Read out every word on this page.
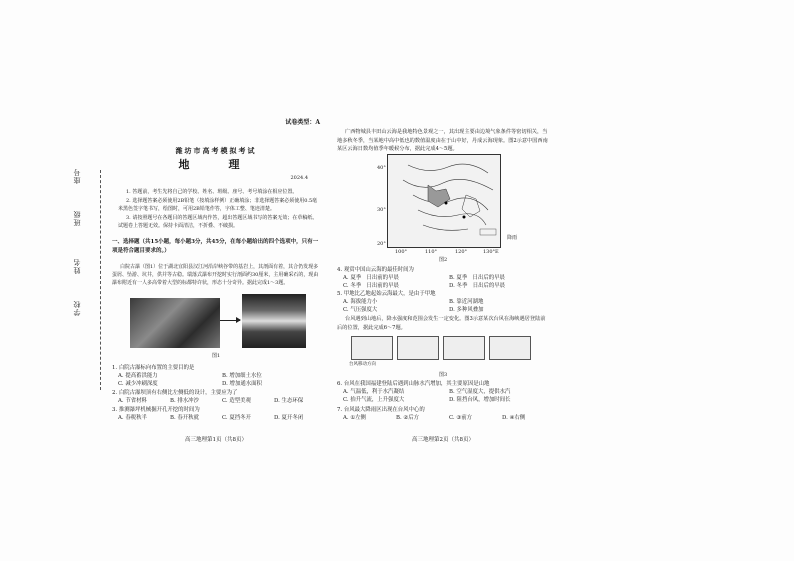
班级
姓名
学校
座号
试卷类型：A
潍坊市高考模拟考试
地　理
2024.4

1. 答题前，考生先将自己的学校、姓名、班级、座号、考号填涂在相应位置。

2. 选择题答案必须使用2B铅笔（按填涂样例）正确填涂；非选择题答案必须使用0.5毫米黑色签字笔书写，绘图时，可用2B铅笔作答，字体工整、笔迹清楚。

3. 请按照题号在各题目的答题区域内作答，超出答题区域书写的答案无效；在草稿纸、试题卷上答题无效。保持卡面清洁，不折叠、不破损。

一、选择题（共15小题，每小题3分，共45分，在每小题给出的四个选项中，只有一项是符合题目要求的。）
白院古瀑（图1）位于湖北宜阳县汉江河沿岸峡谷带的基岩上，其剖面有着，其合仍发现多蛋屑、坠游、坑井，供并等古稳。瑞落式瀑布开挖时实行剖面约30厘米，主用确采石的，现由瀑布附近有一人多高带着大型的标都特许状，形态十分奇异。据此完成1～3题。
图1
1. 白院古瀑标向布置的主要目的是
A. 提高蓄洪能力	B. 增加细土水位
C. 减少冲刷深度	D. 增加通水面积
2. 白院古瀑坝顶有右侧比左侧低的设计，主要应为了
A. 节省材料	B. 排水冲沙	C. 造型美观	D. 生态环保
3. 推测瀑坪机械掘开孔开挖的时间为
A. 春税秋半	B. 春开秋就	C. 夏挡冬开	D. 夏开冬闭
高三地理第1页（共8页）
广西物城县丰田山云海是我地特色景观之一，其出现主要由边境气象条件等密切相关，当地多秋冬季，当某地中高中低也的数值温度由在于山中好，丹成云海现象。图2示意中国西南某区云海日数均值季年暖候分布，据此完成4～5题。
40°
30°
20°
100°	110°	120°	130°E
降雨
图2
4. 观赏中国山云海的最佳时间为
A. 夏季　日出前的早晨	B. 夏季　日出后的早晨
C. 冬季　日出前的早晨	D. 冬季　日出后的早晨
5. 甲地比乙地起始云海最大，是由于甲地
A. 海拔能力小	B. 靠近河湖地
C. 气压强度大	D. 多种风叠加
台风遇到山地后，降水强度和范围会发生一定变化。图3示意某次台风在海峡遇居登陆前后的位置，据此完成6～7题。
台风移动方向
图3
6. 台风在我国福建登陆后遇到山脉水汽增加，其主要原因是山地
A. 气温低，利于水汽凝结	B. 空气湿度大，提供水汽
C. 抬升气流，上升强度大	D. 阻挡台风，增加时间长
7. 台风最大降雨区出现在台风中心的
A. ①左侧	B. ②后方	C. ③前方	D. ④右侧
高三地理第2页（共8页）
